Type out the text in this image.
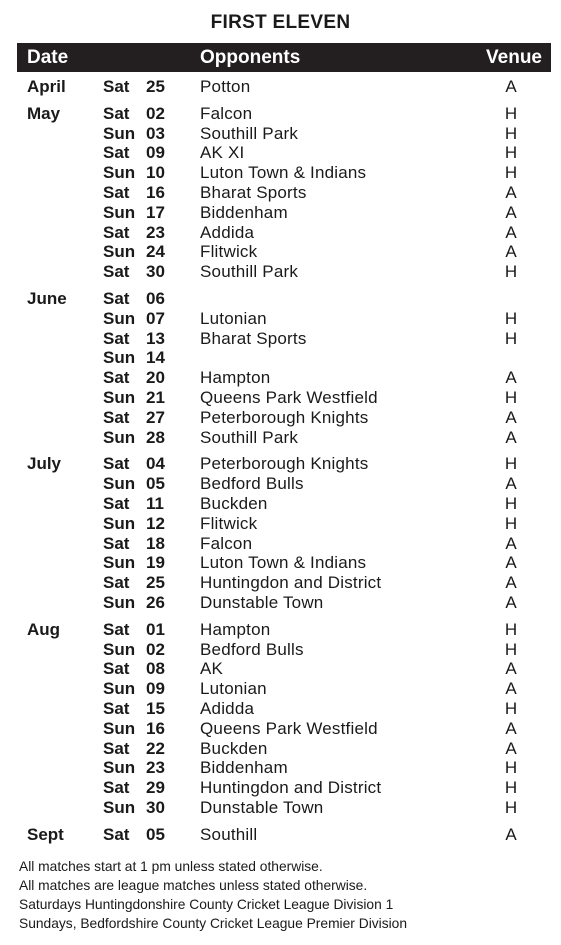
FIRST ELEVEN
Date	Opponents	Venue
April Sat 25 Potton	A
May	Sat 02 Falcon	H
Sun 03 Southill Park	H
Sat 09 AK XI	H
Sun 10 Luton Town & Indians	H
Sat 16 Bharat Sports	A
Sun 17 Biddenham	A
Sat 23 Addida	A
Sun 24 Flitwick	A
Sat 30 Southill Park	H
June Sat 06
Sun 07 Lutonian	H
Sat 13 Bharat Sports	H
Sun 14
Sat 20 Hampton	A
Sun 21 Queens Park Westfield	H
Sat 27 Peterborough Knights	A
Sun 28 Southill Park	A
July Sat 04 Peterborough Knights	H
Sun 05 Bedford Bulls	A
Sat 11 Buckden	H
Sun 12 Flitwick	H
Sat 18 Falcon	A
Sun 19 Luton Town & Indians	A
Sat 25 Huntingdon and District	A
Sun 26 Dunstable Town	A
Aug	Sat 01 Hampton	H
Sun 02 Bedford Bulls	H
Sat 08 AK	A
Sun 09 Lutonian	A
Sat 15 Adidda	H
Sun 16 Queens Park Westfield	A
Sat 22 Buckden	A
Sun 23 Biddenham	H
Sat 29 Huntingdon and District	H
Sun 30 Dunstable Town	H
Sept Sat 05 Southill	A
All matches start at 1 pm unless stated otherwise.
All matches are league matches unless stated otherwise.
Saturdays Huntingdonshire County Cricket League Division 1
Sundays, Bedfordshire County Cricket League Premier Division
